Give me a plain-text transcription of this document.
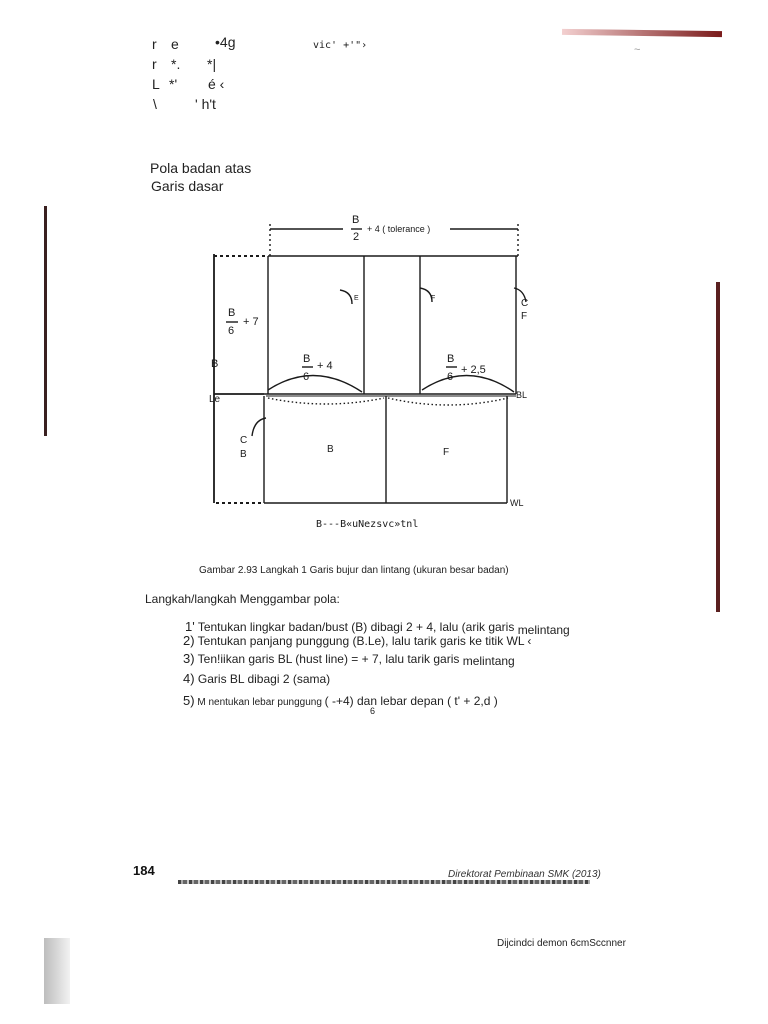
~
r e	•4g
r *. *|
L *' é ‹
\	' h't
vic' +'"›
Pola badan atas
Garis dasar
B
2
+ 4 ( tolerance )
B
6
+ 7
B
6
+ 4
B
6
+ 2,5
B
Le
C
B	B	F
C
F
BL
WL
E	F
B---B«uNezsvc»tnl
Gambar 2.93 Langkah 1 Garis bujur dan lintang (ukuran besar badan)
Langkah/langkah Menggambar pola:
1' Tentukan lingkar badan/bust (B) dibagi 2 + 4, lalu (arik garis melintang
2) Tentukan panjang punggung (B.Le), lalu tarik garis ke titik WL ‹
3) Ten!iikan garis BL (hust line) = + 7, lalu tarik garis melintang
4) Garis BL dibagi 2 (sama)
5) M nentukan lebar punggung ( -+4) dan lebar depan ( t' + 2,d )
6
184	Direktorat Pembinaan SMK (2013)
Dijcindci demon 6cmSccnner
